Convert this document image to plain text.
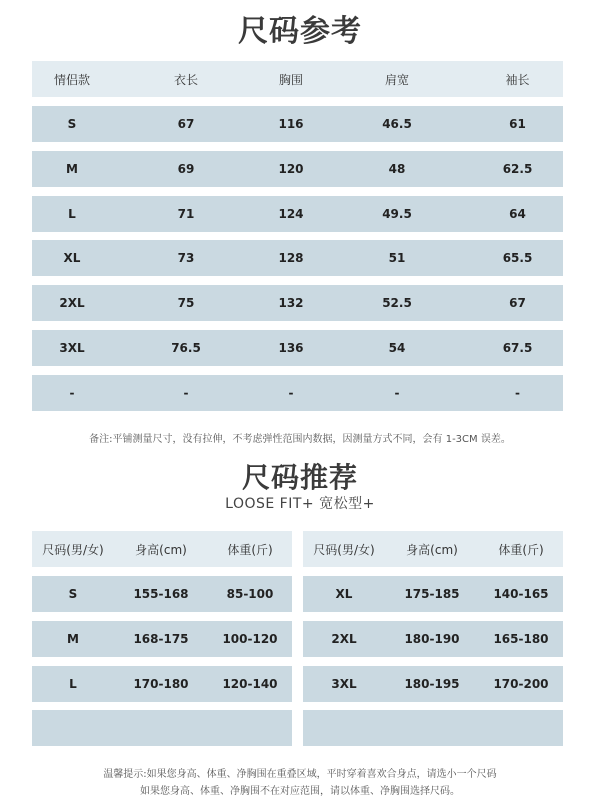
尺码参考
情侣款	衣长	胸围	肩宽	袖长
S	67	116	46.5	61
M	69	120	48	62.5
L	71	124	49.5	64
XL	73	128	51	65.5
2XL	75	132	52.5	67
3XL	76.5	136	54	67.5
-	-	-	-	-
备注:平铺测量尺寸，没有拉伸，不考虑弹性范围内数据，因测量方式不同，会有 1-3CM 误差。
尺码推荐
LOOSE FIT+ 宽松型+
尺码(男/女)	身高(cm)	体重(斤)
S	155-168	85-100
M	168-175	100-120
L	170-180	120-140
尺码(男/女)	身高(cm)	体重(斤)
XL	175-185	140-165
2XL	180-190	165-180
3XL	180-195	170-200
温馨提示:如果您身高、体重、净胸围在重叠区域，平时穿着喜欢合身点，请选小一个尺码
如果您身高、体重、净胸围不在对应范围，请以体重、净胸围选择尺码。
